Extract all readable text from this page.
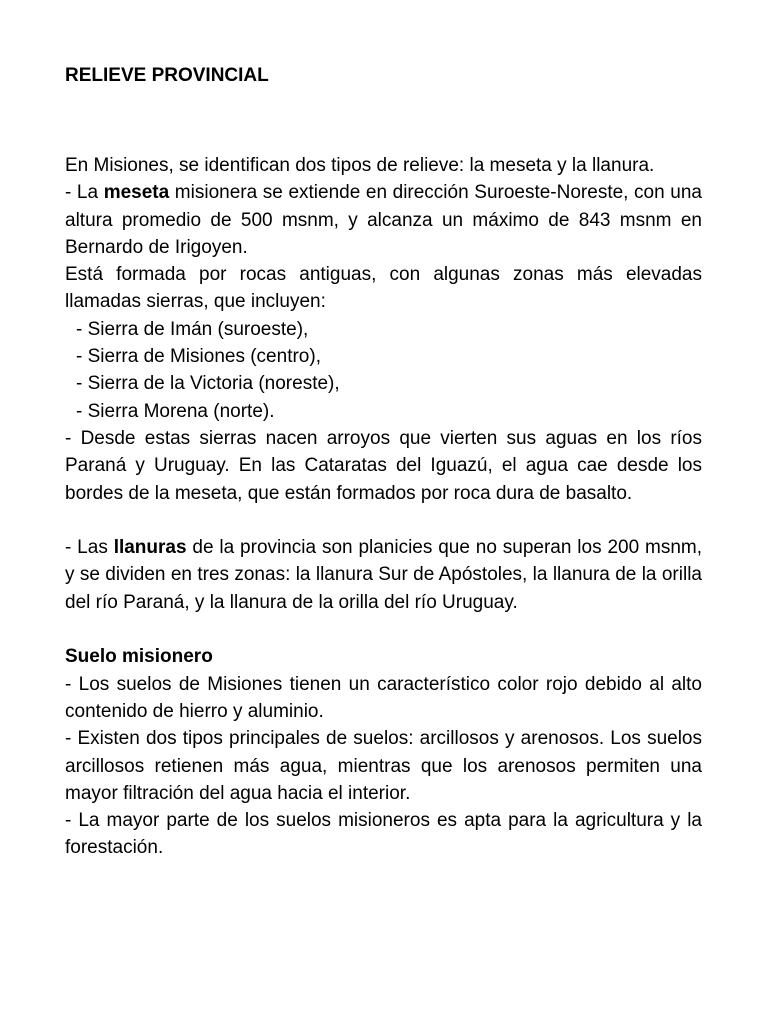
RELIEVE PROVINCIAL

En Misiones, se identifican dos tipos de relieve: la meseta y la llanura.

- La meseta misionera se extiende en dirección Suroeste-Noreste, con una altura promedio de 500 msnm, y alcanza un máximo de 843 msnm en Bernardo de Irigoyen.

Está formada por rocas antiguas, con algunas zonas más elevadas llamadas sierras, que incluyen:

- Sierra de Imán (suroeste),
- Sierra de Misiones (centro),
- Sierra de la Victoria (noreste),
- Sierra Morena (norte).

- Desde estas sierras nacen arroyos que vierten sus aguas en los ríos Paraná y Uruguay. En las Cataratas del Iguazú, el agua cae desde los bordes de la meseta, que están formados por roca dura de basalto.

- Las llanuras de la provincia son planicies que no superan los 200 msnm, y se dividen en tres zonas: la llanura Sur de Apóstoles, la llanura de la orilla del río Paraná, y la llanura de la orilla del río Uruguay.

Suelo misionero

- Los suelos de Misiones tienen un característico color rojo debido al alto contenido de hierro y aluminio.

- Existen dos tipos principales de suelos: arcillosos y arenosos. Los suelos arcillosos retienen más agua, mientras que los arenosos permiten una mayor filtración del agua hacia el interior.

- La mayor parte de los suelos misioneros es apta para la agricultura y la forestación.
